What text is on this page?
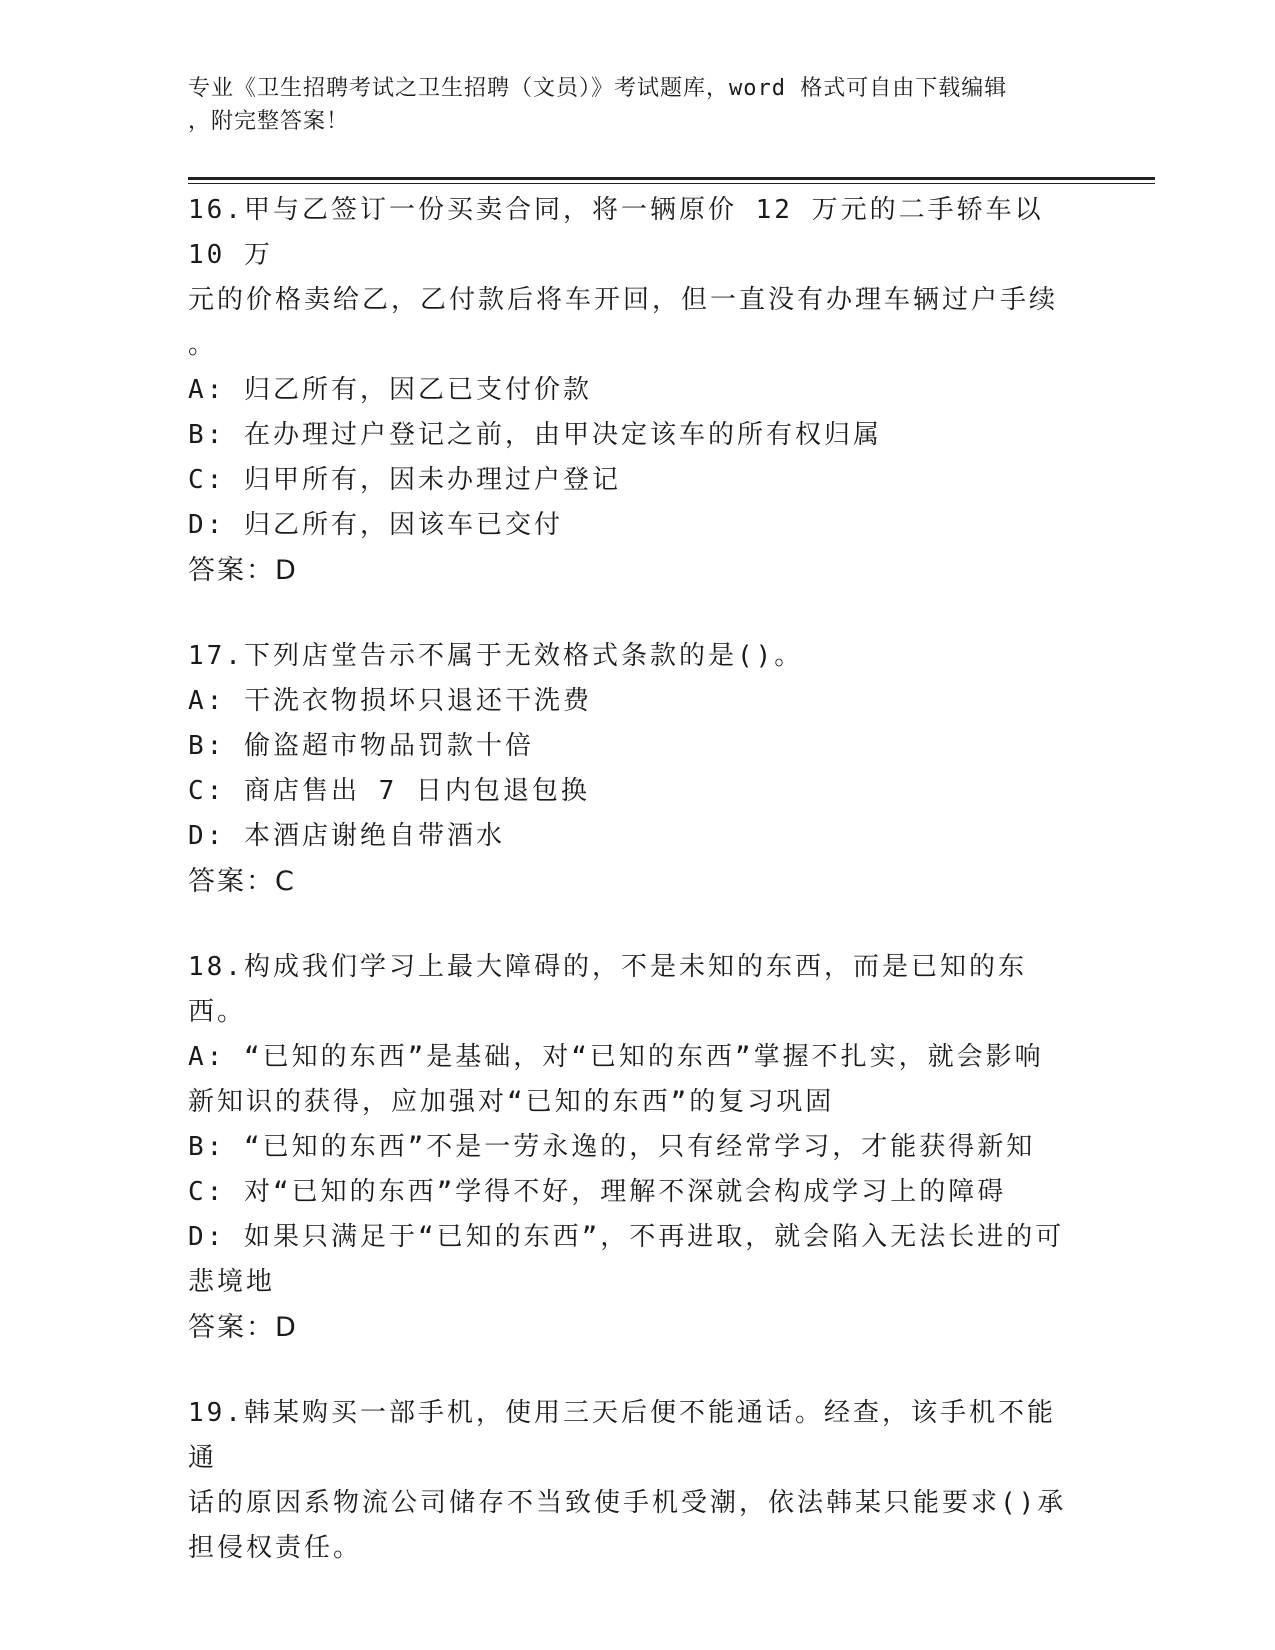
专业《卫生招聘考试之卫生招聘（文员）》考试题库，word 格式可自由下载编辑
，附完整答案！

16.甲与乙签订一份买卖合同，将一辆原价 12 万元的二手轿车以 10 万

元的价格卖给乙，乙付款后将车开回，但一直没有办理车辆过户手续

。

A: 归乙所有，因乙已支付价款

B: 在办理过户登记之前，由甲决定该车的所有权归属

C: 归甲所有，因未办理过户登记

D: 归乙所有，因该车已交付

答案：D

17.下列店堂告示不属于无效格式条款的是()。

A: 干洗衣物损坏只退还干洗费

B: 偷盗超市物品罚款十倍

C: 商店售出 7 日内包退包换

D: 本酒店谢绝自带酒水

答案：C

18.构成我们学习上最大障碍的，不是未知的东西，而是已知的东西。

A: “已知的东西”是基础，对“已知的东西”掌握不扎实，就会影响

新知识的获得，应加强对“已知的东西”的复习巩固

B: “已知的东西”不是一劳永逸的，只有经常学习，才能获得新知

C: 对“已知的东西”学得不好，理解不深就会构成学习上的障碍

D: 如果只满足于“已知的东西”，不再进取，就会陷入无法长进的可

悲境地

答案：D

19.韩某购买一部手机，使用三天后便不能通话。经查，该手机不能通

话的原因系物流公司储存不当致使手机受潮，依法韩某只能要求()承

担侵权责任。
